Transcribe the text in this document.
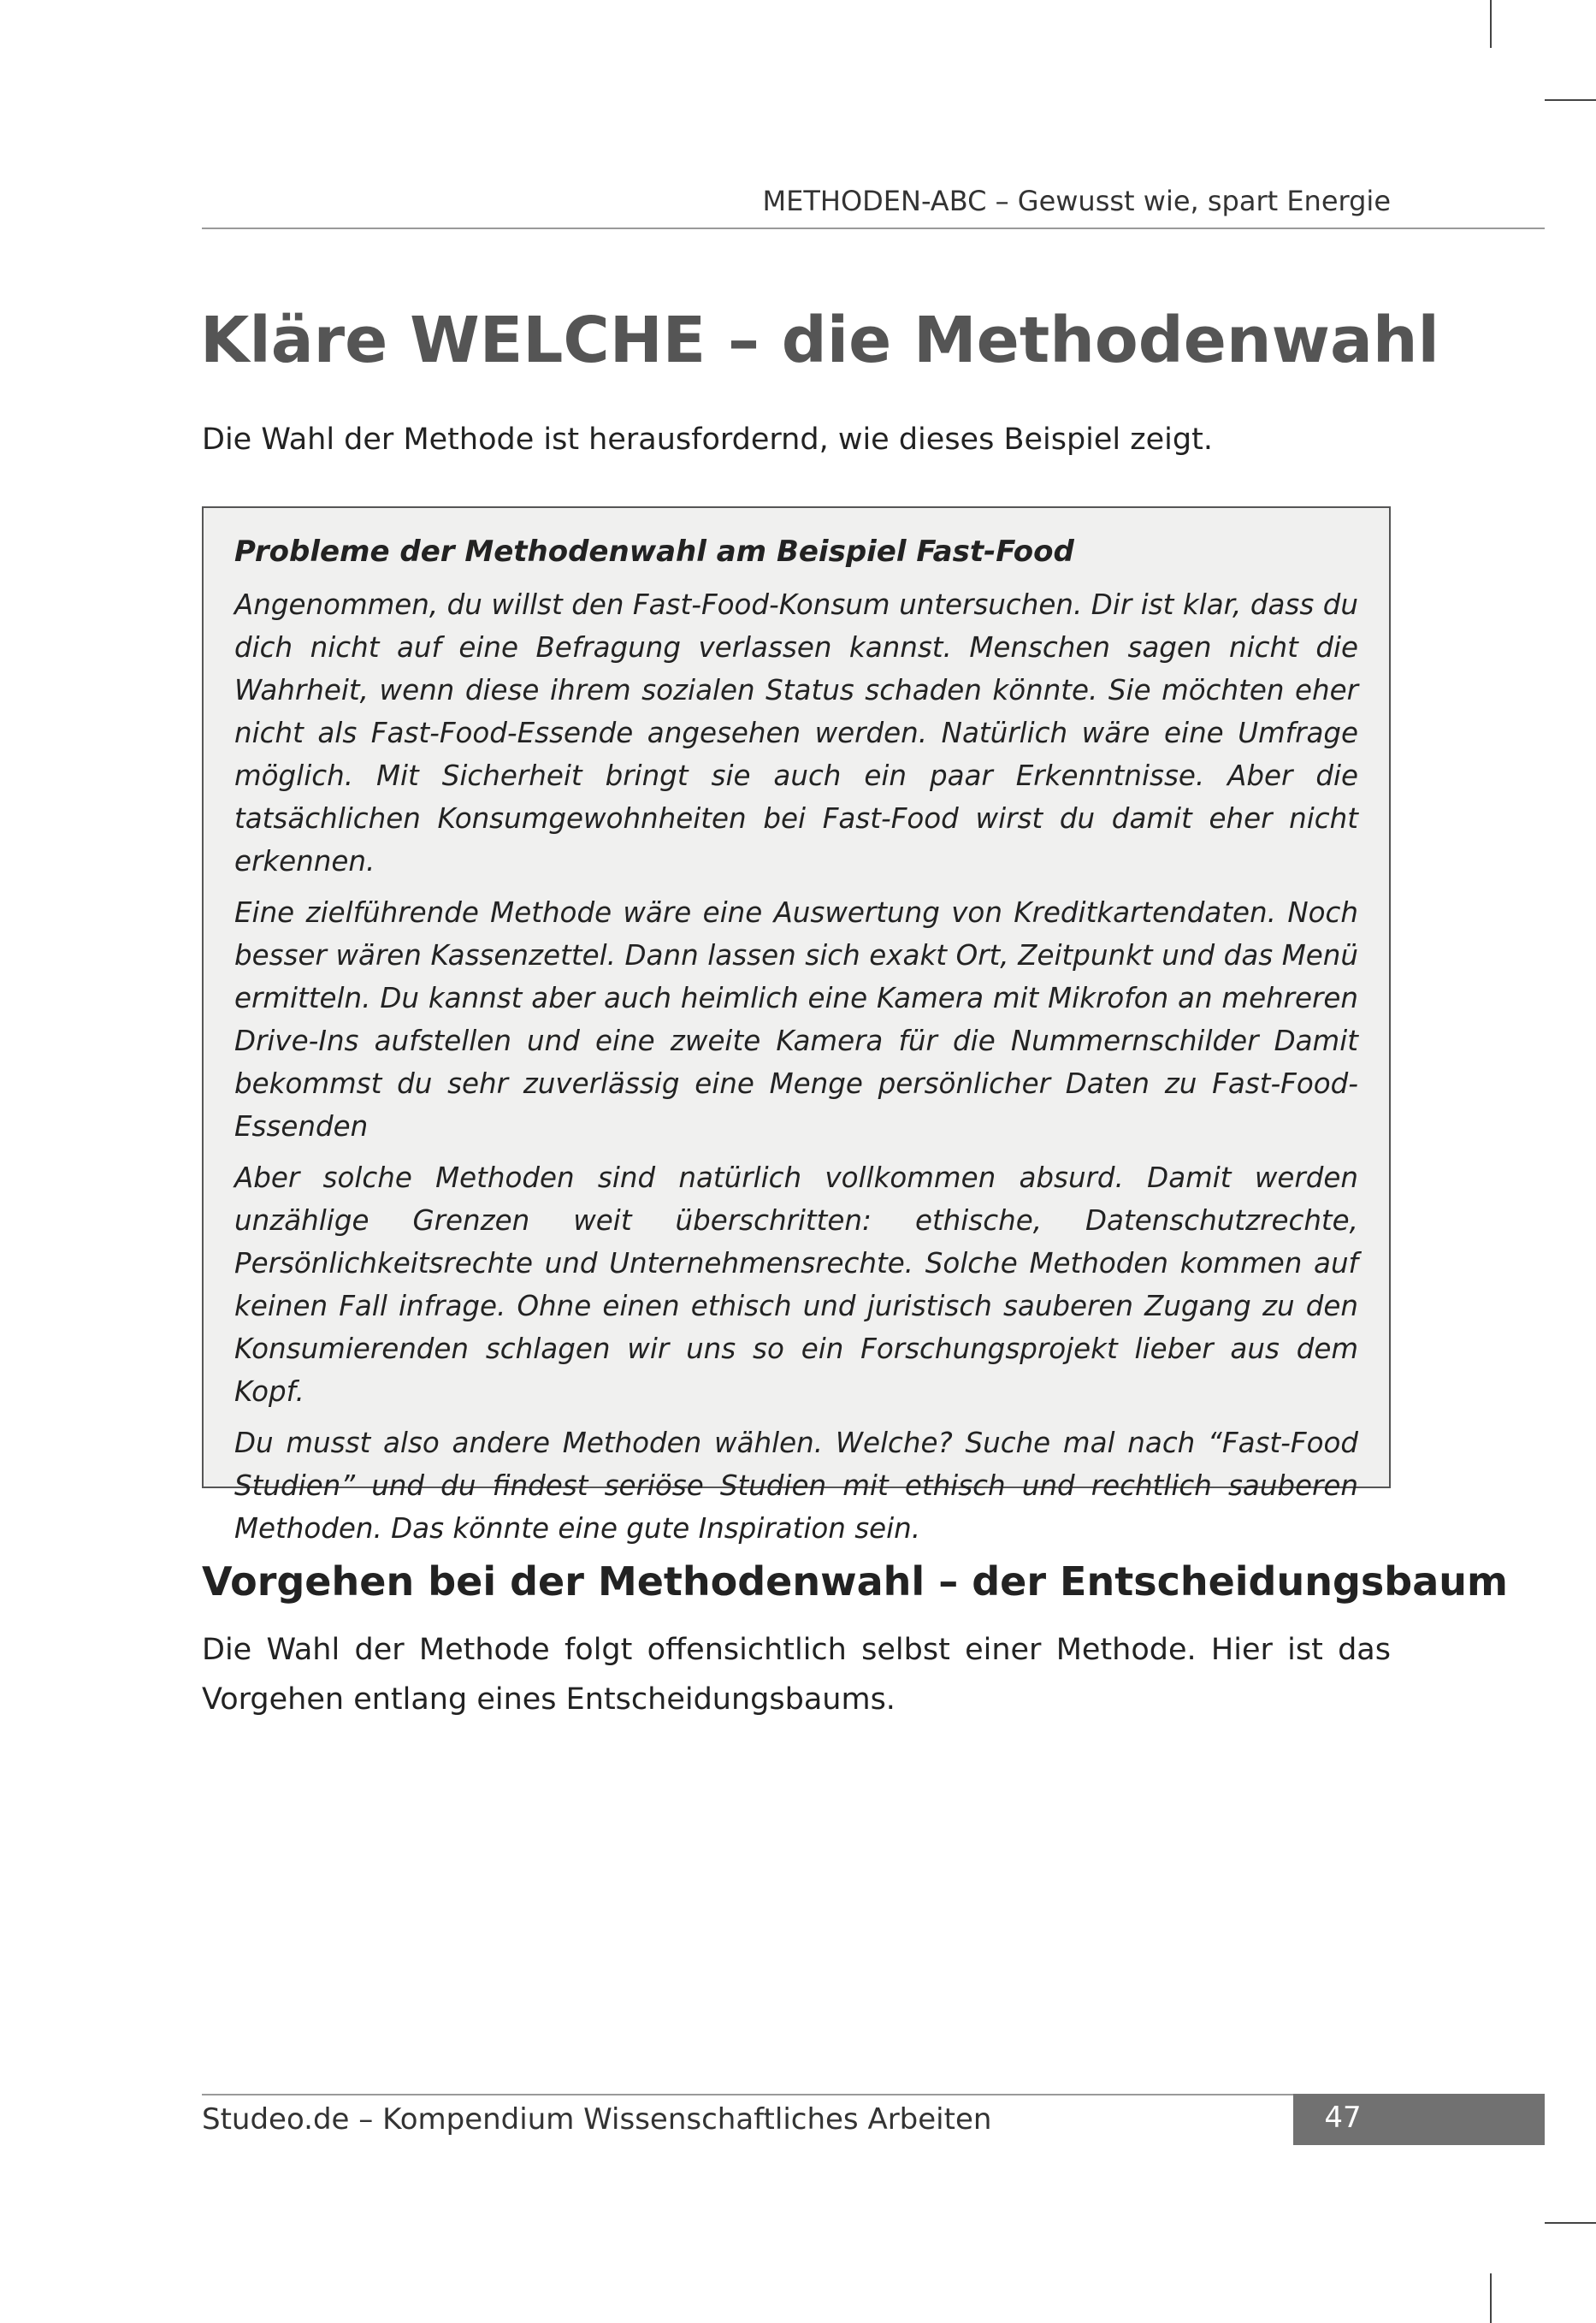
METHODEN-ABC – Gewusst wie, spart Energie
Kläre WELCHE – die Methodenwahl

Die Wahl der Methode ist herausfordernd, wie dieses Beispiel zeigt.

Probleme der Methodenwahl am Beispiel Fast-Food

Angenommen, du willst den Fast-Food-Konsum untersuchen. Dir ist klar, dass du dich nicht auf eine Befragung verlassen kannst. Menschen sagen nicht die Wahrheit, wenn diese ihrem sozialen Status schaden könnte. Sie möchten eher nicht als Fast-Food-Essende angesehen werden. Natürlich wäre eine Umfrage möglich. Mit Sicherheit bringt sie auch ein paar Erkenntnisse. Aber die tatsächlichen Konsumgewohnheiten bei Fast-Food wirst du damit eher nicht erkennen.

Eine zielführende Methode wäre eine Auswertung von Kreditkartendaten. Noch besser wären Kassenzettel. Dann lassen sich exakt Ort, Zeitpunkt und das Menü ermitteln. Du kannst aber auch heimlich eine Kamera mit Mikrofon an mehreren Drive-Ins aufstellen und eine zweite Kamera für die Nummernschilder Damit bekommst du sehr zuverlässig eine Menge persönlicher Daten zu Fast-Food-Essenden

Aber solche Methoden sind natürlich vollkommen absurd. Damit werden unzählige Grenzen weit überschritten: ethische, Datenschutzrechte, Persönlichkeitsrechte und Unternehmensrechte. Solche Methoden kommen auf keinen Fall infrage. Ohne einen ethisch und juristisch sauberen Zugang zu den Konsumierenden schlagen wir uns so ein Forschungsprojekt lieber aus dem Kopf.

Du musst also andere Methoden wählen. Welche? Suche mal nach “Fast-Food Studien” und du findest seriöse Studien mit ethisch und rechtlich sauberen Methoden. Das könnte eine gute Inspiration sein.

Vorgehen bei der Methodenwahl – der Entscheidungsbaum

Die Wahl der Methode folgt offensichtlich selbst einer Methode. Hier ist das Vorgehen entlang eines Entscheidungsbaums.

Studeo.de – Kompendium Wissenschaftliches Arbeiten	47
